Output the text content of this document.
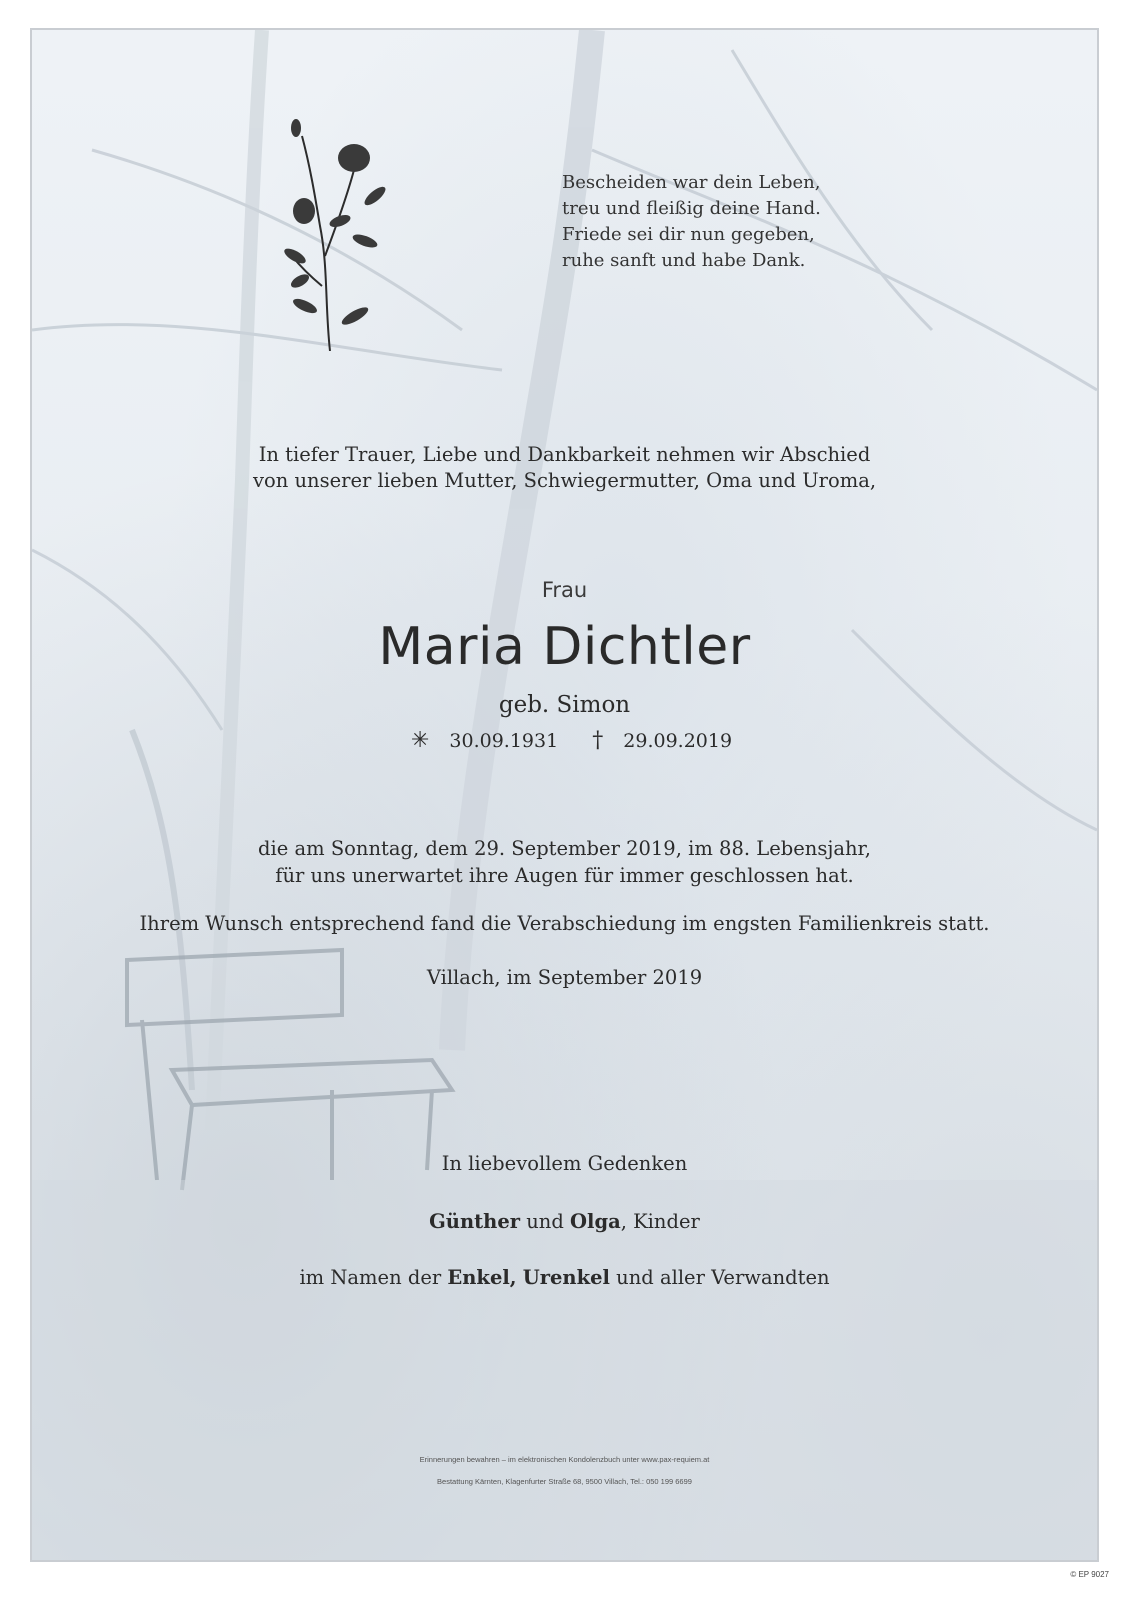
Bescheiden war dein Leben,
treu und fleißig deine Hand.
Friede sei dir nun gegeben,
ruhe sanft und habe Dank.
In tiefer Trauer, Liebe und Dankbarkeit nehmen wir Abschied
von unserer lieben Mutter, Schwiegermutter, Oma und Uroma,
Frau
Maria Dichtler
geb. Simon
✳ 30.09.1931 † 29.09.2019
die am Sonntag, dem 29. September 2019, im 88. Lebensjahr,
für uns unerwartet ihre Augen für immer geschlossen hat.
Ihrem Wunsch entsprechend fand die Verabschiedung im engsten Familienkreis statt.
Villach, im September 2019
In liebevollem Gedenken
Günther und Olga, Kinder
im Namen der Enkel, Urenkel und aller Verwandten
Erinnerungen bewahren – im elektronischen Kondolenzbuch unter www.pax-requiem.at
Bestattung Kärnten, Klagenfurter Straße 68, 9500 Villach, Tel.: 050 199 6699
© EP 9027
